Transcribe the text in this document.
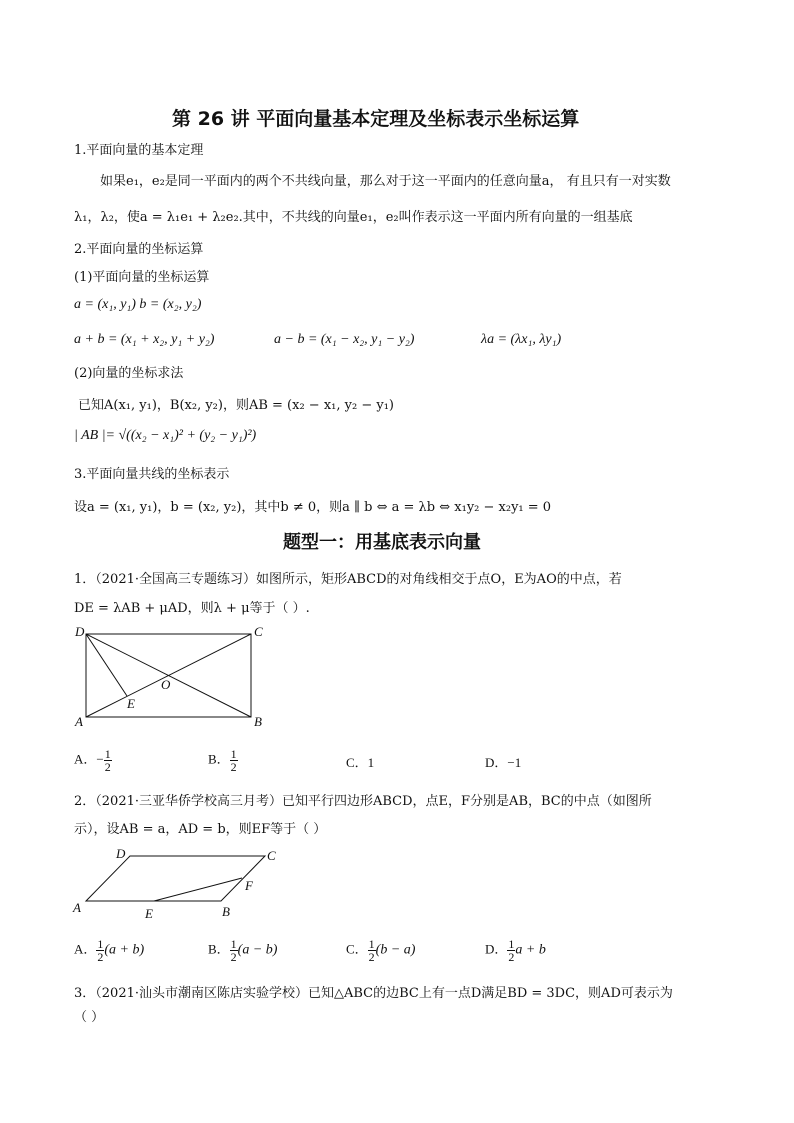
第 26 讲 平面向量基本定理及坐标表示坐标运算
1.平面向量的基本定理
如果e₁，e₂是同一平面内的两个不共线向量，那么对于这一平面内的任意向量a， 有且只有一对实数
λ₁，λ₂，使a = λ₁e₁ + λ₂e₂.其中，不共线的向量e₁，e₂叫作表示这一平面内所有向量的一组基底
2.平面向量的坐标运算
(1)平面向量的坐标运算
a = (x₁, y₁) b = (x₂, y₂)
a + b = (x₁ + x₂, y₁ + y₂)	a − b = (x₁ − x₂, y₁ − y₂)	λa = (λx₁, λy₁)
(2)向量的坐标求法
已知A(x₁, y₁)，B(x₂, y₂)，则AB = (x₂ − x₁, y₂ − y₁)
| AB |= √((x₂ − x₁)² + (y₂ − y₁)²)
3.平面向量共线的坐标表示
设a = (x₁, y₁)，b = (x₂, y₂)，其中b ≠ 0，则a ∥ b ⇔ a = λb ⇔ x₁y₂ − x₂y₁ = 0
题型一：用基底表示向量
1．（2021·全国高三专题练习）如图所示，矩形ABCD的对角线相交于点O，E为AO的中点，若
DE = λAB + μAD，则λ + μ等于（ ）.
D	C
A	B
O
E
A．− $\frac{1}{2}$	B． $\frac{1}{2}$	C．1	D．−1
2．（2021·三亚华侨学校高三月考）已知平行四边形ABCD，点E，F分别是AB，BC的中点（如图所
示），设AB = a，AD = b，则EF等于（ ）
D	C
A	B
E
F
A． $\frac{1}{2} (a + b)$	B． $\frac{1}{2} (a - b)$	C． $\frac{1}{2} (b - a)$	D． $\frac{1}{2}$ a + b
3．（2021·汕头市潮南区陈店实验学校）已知△ABC的边BC上有一点D满足BD = 3DC，则AD可表示为
（ ）
